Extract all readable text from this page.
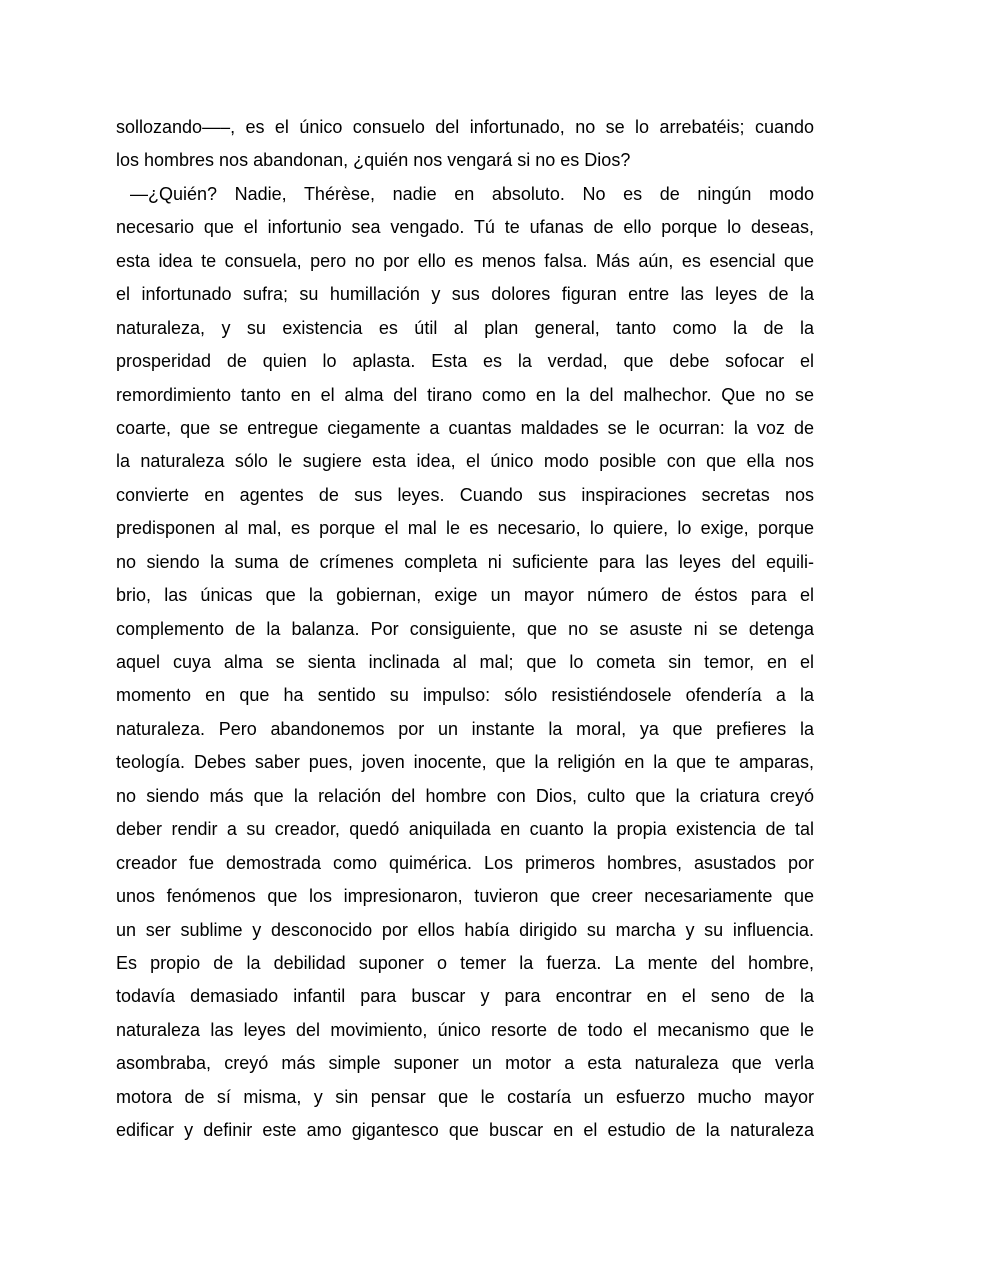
sollozando—–, es el único consuelo del infortunado, no se lo arrebatéis; cuando
los hombres nos abandonan, ¿quién nos vengará si no es Dios?
—¿Quién? Nadie, Thérèse, nadie en absoluto. No es de ningún modo
necesario que el infortunio sea vengado. Tú te ufanas de ello porque lo deseas,
esta idea te consuela, pero no por ello es menos falsa. Más aún, es esencial que
el infortunado sufra; su humillación y sus dolores figuran entre las leyes de la
naturaleza, y su existencia es útil al plan general, tanto como la de la
prosperidad de quien lo aplasta. Esta es la verdad, que debe sofocar el
remordimiento tanto en el alma del tirano como en la del malhechor. Que no se
coarte, que se entregue ciegamente a cuantas maldades se le ocurran: la voz de
la naturaleza sólo le sugiere esta idea, el único modo posible con que ella nos
convierte en agentes de sus leyes. Cuando sus inspiraciones secretas nos
predisponen al mal, es porque el mal le es necesario, lo quiere, lo exige, porque
no siendo la suma de crímenes completa ni suficiente para las leyes del equili-
brio, las únicas que la gobiernan, exige un mayor número de éstos para el
complemento de la balanza. Por consiguiente, que no se asuste ni se detenga
aquel cuya alma se sienta inclinada al mal; que lo cometa sin temor, en el
momento en que ha sentido su impulso: sólo resistiéndosele ofendería a la
naturaleza. Pero abandonemos por un instante la moral, ya que prefieres la
teología. Debes saber pues, joven inocente, que la religión en la que te amparas,
no siendo más que la relación del hombre con Dios, culto que la criatura creyó
deber rendir a su creador, quedó aniquilada en cuanto la propia existencia de tal
creador fue demostrada como quimérica. Los primeros hombres, asustados por
unos fenómenos que los impresionaron, tuvieron que creer necesariamente que
un ser sublime y desconocido por ellos había dirigido su marcha y su influencia.
Es propio de la debilidad suponer o temer la fuerza. La mente del hombre,
todavía demasiado infantil para buscar y para encontrar en el seno de la
naturaleza las leyes del movimiento, único resorte de todo el mecanismo que le
asombraba, creyó más simple suponer un motor a esta naturaleza que verla
motora de sí misma, y sin pensar que le costaría un esfuerzo mucho mayor
edificar y definir este amo gigantesco que buscar en el estudio de la naturaleza
